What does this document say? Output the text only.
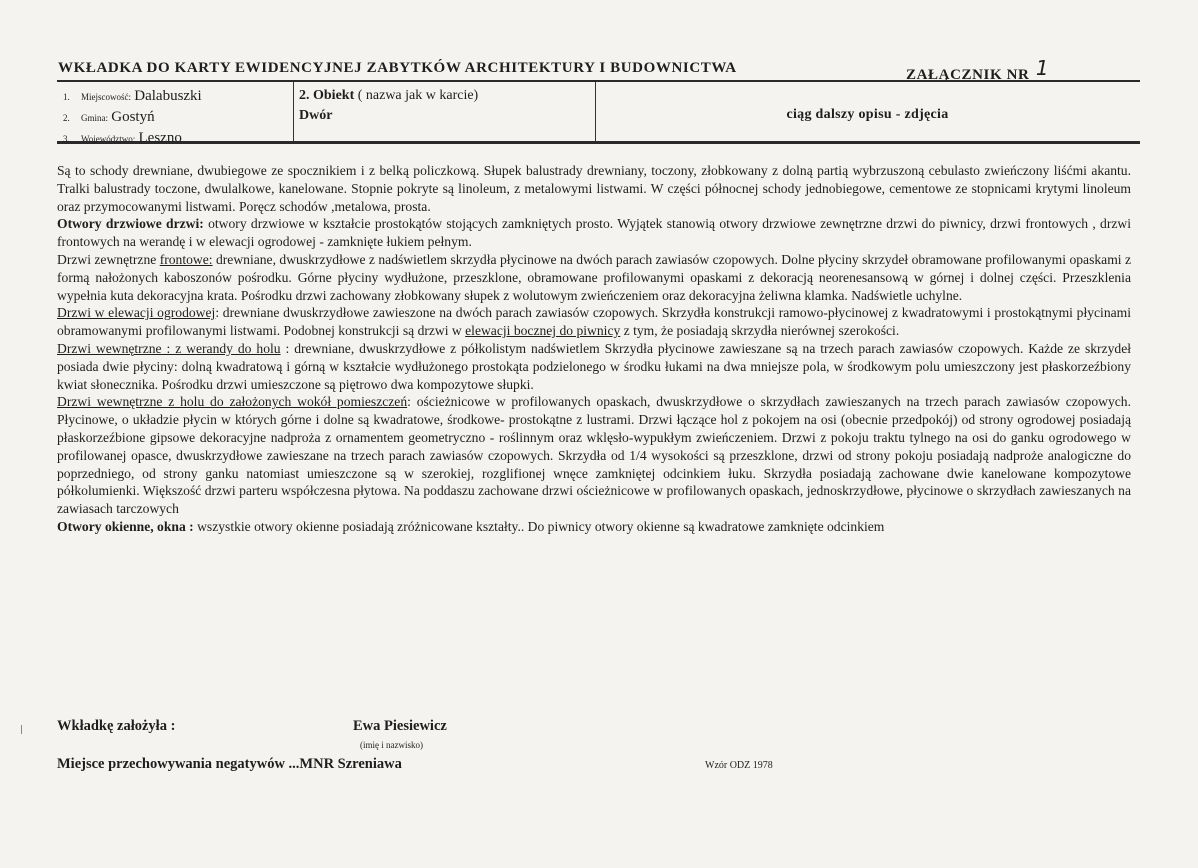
WKŁADKA DO KARTY EWIDENCYJNEJ ZABYTKÓW ARCHITEKTURY I BUDOWNICTWA	ZAŁĄCZNIK NR 1
1. Miejscowość: Dalabuszki
2. Gmina: Gostyń
3. Województwo: Leszno
2. Obiekt ( nazwa jak w karcie)
Dwór	ciąg dalszy opisu - zdjęcia

Są to schody drewniane, dwubiegowe ze spocznikiem i z belką policzkową. Słupek balustrady drewniany, toczony, złobkowany z dolną partią wybrzuszoną cebulasto zwieńczony liśćmi akantu. Tralki balustrady toczone, dwulalkowe, kanelowane. Stopnie pokryte są linoleum, z metalowymi listwami. W części północnej schody jednobiegowe, cementowe ze stopnicami krytymi linoleum oraz przymocowanymi listwami. Poręcz schodów ,metalowa, prosta.

Otwory drzwiowe drzwi: otwory drzwiowe w kształcie prostokątów stojących zamkniętych prosto. Wyjątek stanowią otwory drzwiowe zewnętrzne drzwi do piwnicy, drzwi frontowych , drzwi frontowych na werandę i w elewacji ogrodowej - zamknięte łukiem pełnym.

Drzwi zewnętrzne frontowe: drewniane, dwuskrzydłowe z nadświetlem skrzydła płycinowe na dwóch parach zawiasów czopowych. Dolne płyciny skrzydeł obramowane profilowanymi opaskami z formą nałożonych kaboszonów pośrodku. Górne płyciny wydłużone, przeszklone, obramowane profilowanymi opaskami z dekoracją neorenesansową w górnej i dolnej części. Przeszklenia wypełnia kuta dekoracyjna krata. Pośrodku drzwi zachowany złobkowany słupek z wolutowym zwieńczeniem oraz dekoracyjna żeliwna klamka. Nadświetle uchylne.

Drzwi w elewacji ogrodowej: drewniane dwuskrzydłowe zawieszone na dwóch parach zawiasów czopowych. Skrzydła konstrukcji ramowo-płycinowej z kwadratowymi i prostokątnymi płycinami obramowanymi profilowanymi listwami. Podobnej konstrukcji są drzwi w elewacji bocznej do piwnicy z tym, że posiadają skrzydła nierównej szerokości.

Drzwi wewnętrzne : z werandy do holu : drewniane, dwuskrzydłowe z półkolistym nadświetlem Skrzydła płycinowe zawieszane są na trzech parach zawiasów czopowych. Każde ze skrzydeł posiada dwie płyciny: dolną kwadratową i górną w kształcie wydłużonego prostokąta podzielonego w środku łukami na dwa mniejsze pola, w środkowym polu umieszczony jest płaskorzeźbiony kwiat słonecznika. Pośrodku drzwi umieszczone są piętrowo dwa kompozytowe słupki.

Drzwi wewnętrzne z holu do założonych wokół pomieszczeń: ościeżnicowe w profilowanych opaskach, dwuskrzydłowe o skrzydłach zawieszanych na trzech parach zawiasów czopowych. Płycinowe, o układzie płycin w których górne i dolne są kwadratowe, środkowe- prostokątne z lustrami. Drzwi łączące hol z pokojem na osi (obecnie przedpokój) od strony ogrodowej posiadają płaskorzeźbione gipsowe dekoracyjne nadproża z ornamentem geometryczno - roślinnym oraz wklęsło-wypukłym zwieńczeniem. Drzwi z pokoju traktu tylnego na osi do ganku ogrodowego w profilowanej opasce, dwuskrzydłowe zawieszane na trzech parach zawiasów czopowych. Skrzydła od 1/4 wysokości są przeszklone, drzwi od strony pokoju posiadają nadproże analogiczne do poprzedniego, od strony ganku natomiast umieszczone są w szerokiej, rozglifionej wnęce zamkniętej odcinkiem łuku. Skrzydła posiadają zachowane dwie kanelowane kompozytowe półkolumienki. Większość drzwi parteru współczesna płytowa. Na poddaszu zachowane drzwi ościeżnicowe w profilowanych opaskach, jednoskrzydłowe, płycinowe o skrzydłach zawieszanych na zawiasach tarczowych

Otwory okienne, okna : wszystkie otwory okienne posiadają zróżnicowane kształty.. Do piwnicy otwory okienne są kwadratowe zamknięte odcinkiem

Wkładkę założyła :	Ewa Piesiewicz
(imię i nazwisko)
Miejsce przechowywania negatywów ...MNR Szreniawa	Wzór ODZ 1978
